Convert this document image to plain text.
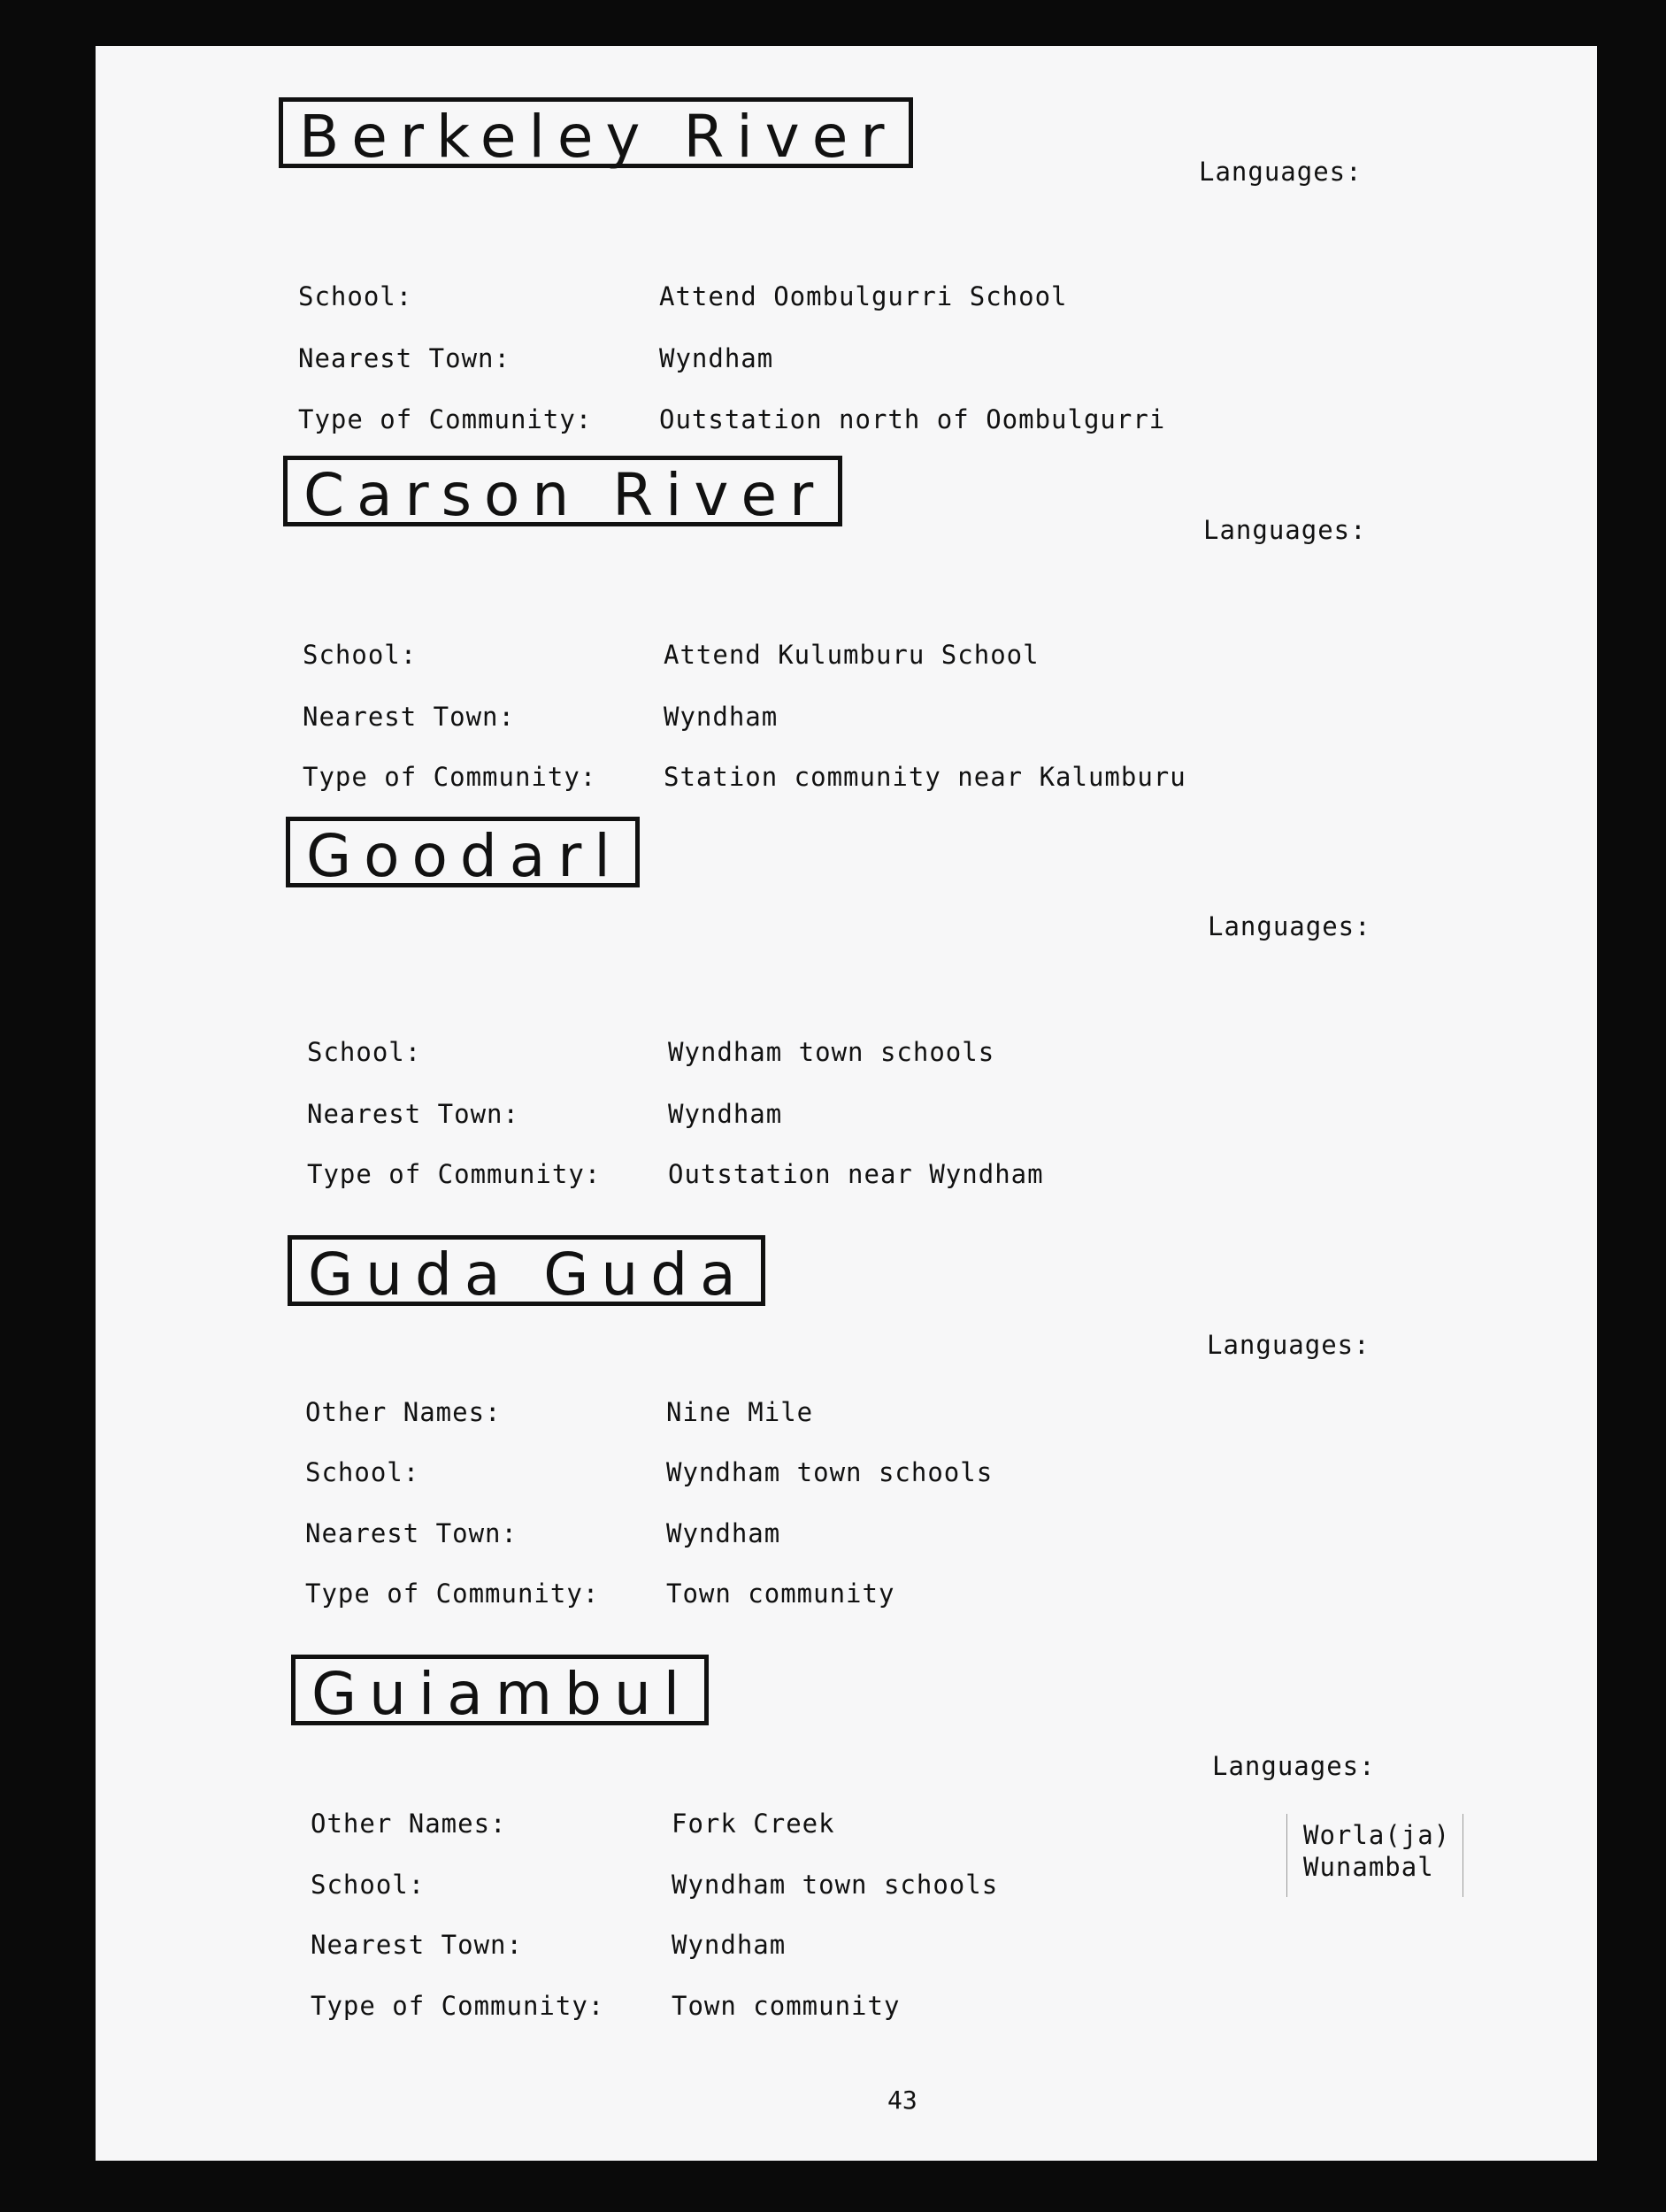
Berkeley River
Languages:
School:	Attend Oombulgurri School
Nearest Town:	Wyndham
Type of Community:	Outstation north of Oombulgurri
Carson River
Languages:
School:	Attend Kulumburu School
Nearest Town:	Wyndham
Type of Community:	Station community near Kalumburu
Goodarl
Languages:
School:	Wyndham town schools
Nearest Town:	Wyndham
Type of Community:	Outstation near Wyndham
Guda Guda
Languages:
Other Names:	Nine Mile
School:	Wyndham town schools
Nearest Town:	Wyndham
Type of Community:	Town community
Guiambul
Languages:
Worla(ja)
Wunambal
Other Names:	Fork Creek
School:	Wyndham town schools
Nearest Town:	Wyndham
Type of Community:	Town community
43
